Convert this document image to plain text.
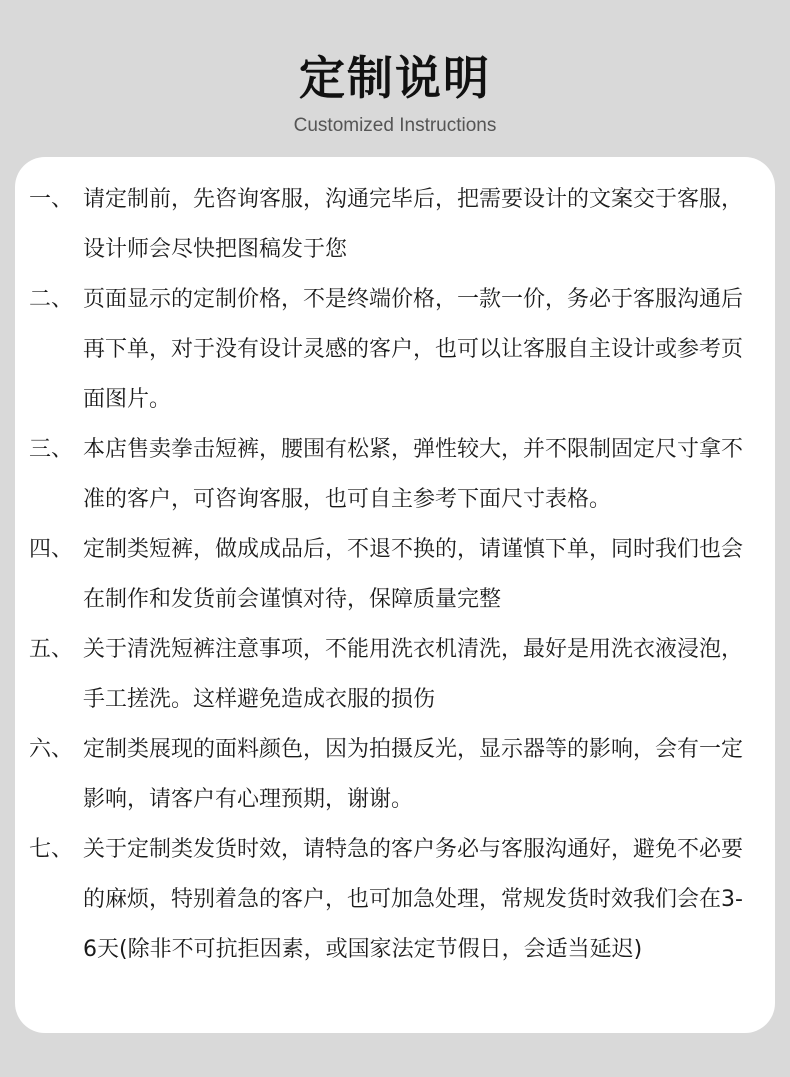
定制说明
Customized Instructions
一、 请定制前，先咨询客服，沟通完毕后，把需要设计的文案交于客服，设计师会尽快把图稿发于您
二、 页面显示的定制价格，不是终端价格，一款一价，务必于客服沟通后再下单，对于没有设计灵感的客户，也可以让客服自主设计或参考页面图片。
三、 本店售卖拳击短裤，腰围有松紧，弹性较大，并不限制固定尺寸拿不准的客户，可咨询客服，也可自主参考下面尺寸表格。
四、 定制类短裤，做成成品后，不退不换的，请谨慎下单，同时我们也会在制作和发货前会谨慎对待，保障质量完整
五、 关于清洗短裤注意事项，不能用洗衣机清洗，最好是用洗衣液浸泡，手工搓洗。这样避免造成衣服的损伤
六、 定制类展现的面料颜色，因为拍摄反光，显示器等的影响，会有一定影响，请客户有心理预期，谢谢。
七、 关于定制类发货时效，请特急的客户务必与客服沟通好，避免不必要的麻烦，特别着急的客户，也可加急处理，常规发货时效我们会在3-6天(除非不可抗拒因素，或国家法定节假日，会适当延迟)
